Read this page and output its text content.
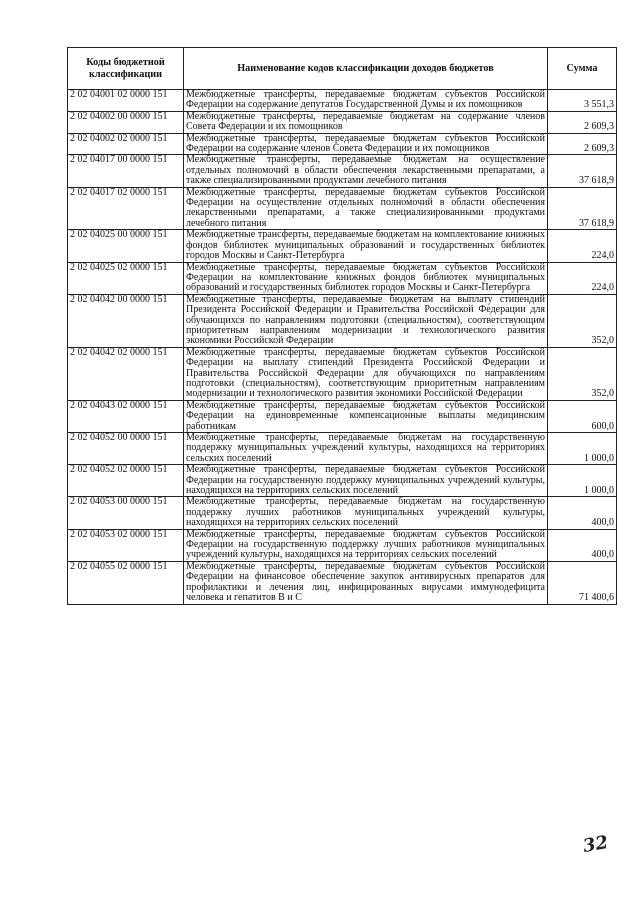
Коды бюджетной классификации	Наименование кодов классификации доходов бюджетов	Сумма
2 02 04001 02 0000 151	Межбюджетные трансферты, передаваемые бюджетам субъектов Российской Федерации на содержание депутатов Государственной Думы и их помощников	3 551,3
2 02 04002 00 0000 151	Межбюджетные трансферты, передаваемые бюджетам на содержание членов Совета Федерации и их помощников	2 609,3
2 02 04002 02 0000 151	Межбюджетные трансферты, передаваемые бюджетам субъектов Российской Федерации на содержание членов Совета Федерации и их помощников	2 609,3
2 02 04017 00 0000 151	Межбюджетные трансферты, передаваемые бюджетам на осуществление отдельных полномочий в области обеспечения лекарственными препаратами, а также специализированными продуктами лечебного питания	37 618,9
2 02 04017 02 0000 151	Межбюджетные трансферты, передаваемые бюджетам субъектов Российской Федерации на осуществление отдельных полномочий в области обеспечения лекарственными препаратами, а также специализированными продуктами лечебного питания	37 618,9
2 02 04025 00 0000 151	Межбюджетные трансферты, передаваемые бюджетам на комплектование книжных фондов библиотек муниципальных образований и государственных библиотек городов Москвы и Санкт-Петербурга	224,0
2 02 04025 02 0000 151	Межбюджетные трансферты, передаваемые бюджетам субъектов Российской Федерации на комплектование книжных фондов библиотек муниципальных образований и государственных библиотек городов Москвы и Санкт-Петербурга	224,0
2 02 04042 00 0000 151	Межбюджетные трансферты, передаваемые бюджетам на выплату стипендий Президента Российской Федерации и Правительства Российской Федерации для обучающихся по направлениям подготовки (специальностям), соответствующим приоритетным направлениям модернизации и технологического развития экономики Российской Федерации	352,0
2 02 04042 02 0000 151	Межбюджетные трансферты, передаваемые бюджетам субъектов Российской Федерации на выплату стипендий Президента Российской Федерации и Правительства Российской Федерации для обучающихся по направлениям подготовки (специальностям), соответствующим приоритетным направлениям модернизации и технологического развития экономики Российской Федерации	352,0
2 02 04043 02 0000 151	Межбюджетные трансферты, передаваемые бюджетам субъектов Российской Федерации на единовременные компенсационные выплаты медицинским работникам	600,0
2 02 04052 00 0000 151	Межбюджетные трансферты, передаваемые бюджетам на государственную поддержку муниципальных учреждений культуры, находящихся на территориях сельских поселений	1 000,0
2 02 04052 02 0000 151	Межбюджетные трансферты, передаваемые бюджетам субъектов Российской Федерации на государственную поддержку муниципальных учреждений культуры, находящихся на территориях сельских поселений	1 000,0
2 02 04053 00 0000 151	Межбюджетные трансферты, передаваемые бюджетам на государственную поддержку лучших работников муниципальных учреждений культуры, находящихся на территориях сельских поселений	400,0
2 02 04053 02 0000 151	Межбюджетные трансферты, передаваемые бюджетам субъектов Российской Федерации на государственную поддержку лучших работников муниципальных учреждений культуры, находящихся на территориях сельских поселений	400,0
2 02 04055 02 0000 151	Межбюджетные трансферты, передаваемые бюджетам субъектов Российской Федерации на финансовое обеспечение закупок антивирусных препаратов для профилактики и лечения лиц, инфицированных вирусами иммунодефицита человека и гепатитов В и С	71 400,6
32
